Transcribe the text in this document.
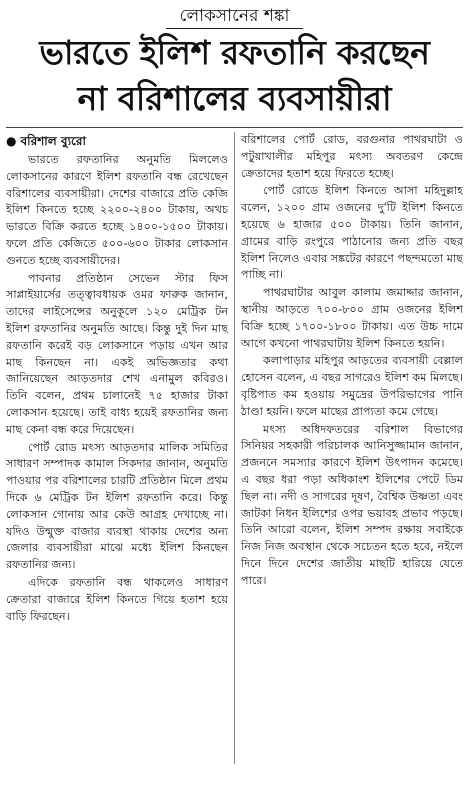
লোকসানের শঙ্কা
ভারতে ইলিশ রফতানি করছেন
না বরিশালের ব্যবসায়ীরা
● বরিশাল ব্যুরো

ভারতে রফতানির অনুমতি মিললেও লোকসানের কারণে ইলিশ রফতানি বন্ধ রেখেছেন বরিশালের ব্যবসায়ীরা। দেশের বাজারে প্রতি কেজি ইলিশ কিনতে হচ্ছে ২২০০-২৪০০ টাকায়, অথচ ভারতে বিক্রি করতে হচ্ছে ১৪০০-১৫০০ টাকায়। ফলে প্রতি কেজিতে ৫০০-৬০০ টাকার লোকসান গুনতে হচ্ছে ব্যবসায়ীদের।

পাবনার প্রতিষ্ঠান সেভেন স্টার ফিস সাপ্লাইয়ার্সের তত্ত্বাবধায়ক ওমর ফারুক জানান, তাদের লাইসেন্সের অনুকূলে ১২০ মেট্রিক টন ইলিশ রফতানির অনুমতি আছে। কিন্তু দুই দিন মাছ রফতানি করেই বড় লোকসানে পড়ায় এখন আর মাছ কিনছেন না। একই অভিজ্ঞতার কথা জানিয়েছেন আড়তদার শেখ এনামুল কবিরও। তিনি বলেন, প্রথম চালানেই ৭৫ হাজার টাকা লোকসান হয়েছে। তাই বাধ্য হয়েই রফতানির জন্য মাছ কেনা বন্ধ করে দিয়েছেন।

পোর্ট রোড মৎস্য আড়তদার মালিক সমিতির সাধারণ সম্পাদক কামাল সিকদার জানান, অনুমতি পাওয়ার পর বরিশালের চারটি প্রতিষ্ঠান মিলে প্রথম দিকে ৬ মেট্রিক টন ইলিশ রফতানি করে। কিন্তু লোকসান গোনায় আর কেউ আগ্রহ দেখাচ্ছে না। যদিও উন্মুক্ত বাজার ব্যবস্থা থাকায় দেশের অন্য জেলার ব্যবসায়ীরা মাঝে মধ্যে ইলিশ কিনছেন রফতানির জন্য।

এদিকে রফতানি বন্ধ থাকলেও সাধারণ ক্রেতারা বাজারে ইলিশ কিনতে গিয়ে হতাশ হয়ে বাড়ি ফিরছেন।

বরিশালের পোর্ট রোড, বরগুনার পাথরঘাটা ও পটুয়াখালীর মহিপুর মৎস্য অবতরণ কেন্দ্রে ক্রেতাদের হতাশ হয়ে ফিরতে হচ্ছে।

পোর্ট রোডে ইলিশ কিনতে আসা মহিদুল্লাহ বলেন, ১২০০ গ্রাম ওজনের দু'টি ইলিশ কিনতে হয়েছে ৬ হাজার ৫০০ টাকায়। তিনি জানান, গ্রামের বাড়ি রংপুরে পাঠানোর জন্য প্রতি বছর ইলিশ নিলেও এবার সঙ্কটের কারণে পছন্দমতো মাছ পাচ্ছি না।

পাথরঘাটার আবুল কালাম জমাদ্দার জানান, স্থানীয় আড়তে ৭০০-৮০০ গ্রাম ওজনের ইলিশ বিক্রি হচ্ছে ১৭০০-১৮০০ টাকায়। এত উচ্চ দামে আগে কখনো পাথরঘাটায় ইলিশ কিনতে হয়নি।

কলাপাড়ার মহিপুর আড়তের ব্যবসায়ী বেল্লাল হোসেন বলেন, এ বছর সাগরেও ইলিশ কম মিলছে। বৃষ্টিপাত কম হওয়ায় সমুদ্রের উপরিভাগের পানি ঠাণ্ডা হয়নি। ফলে মাছের প্রাপ্যতা কমে গেছে।

মৎস্য অধিদফতরের বরিশাল বিভাগের সিনিয়র সহকারী পরিচালক আনিসুজ্জামান জানান, প্রজননে সমস্যার কারণে ইলিশ উৎপাদন কমেছে। এ বছর ধরা পড়া অধিকাংশ ইলিশের পেটে ডিম ছিল না। নদী ও সাগরের দূষণ, বৈশ্বিক উষ্ণতা এবং জাটকা নিধন ইলিশের ওপর ভয়াবহ প্রভাব পড়ছে। তিনি আরো বলেন, ইলিশ সম্পদ রক্ষায় সবাইকে নিজ নিজ অবস্থান থেকে সচেতন হতে হবে, নইলে দিনে দিনে দেশের জাতীয় মাছটি হারিয়ে যেতে পারে।
